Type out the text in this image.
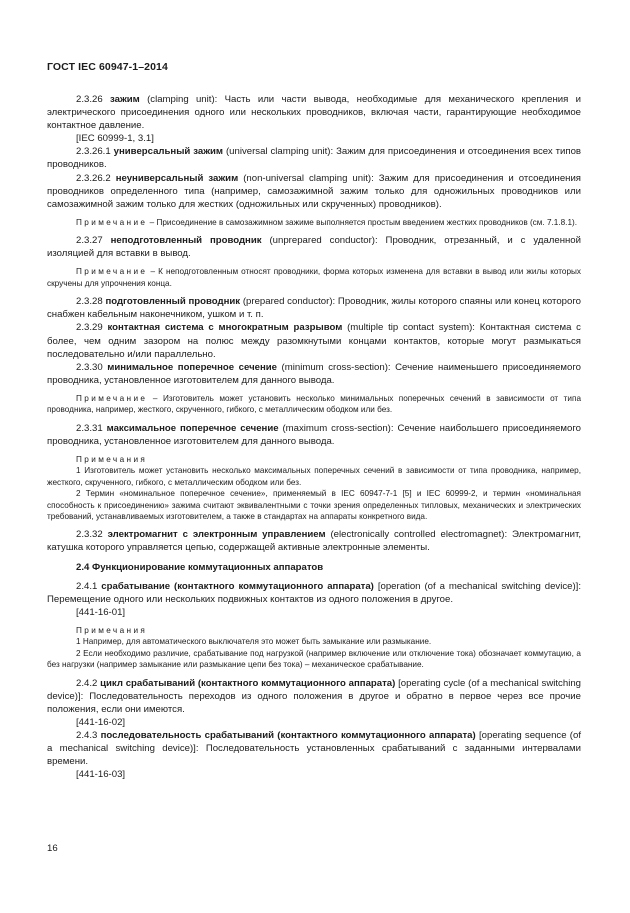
ГОСТ IEC 60947-1–2014

2.3.26 зажим (clamping unit): Часть или части вывода, необходимые для механического крепления и электрического присоединения одного или нескольких проводников, включая части, гарантирующие необходимое контактное давление.

[IEC 60999-1, 3.1]

2.3.26.1 универсальный зажим (universal clamping unit): Зажим для присоединения и отсоединения всех типов проводников.

2.3.26.2 неуниверсальный зажим (non-universal clamping unit): Зажим для присоединения и отсоединения проводников определенного типа (например, самозажимной зажим только для одножильных проводников или самозажимной зажим только для жестких (одножильных или скрученных) проводников).

Примечание – Присоединение в самозажимном зажиме выполняется простым введением жестких проводников (см. 7.1.8.1).

2.3.27 неподготовленный проводник (unprepared conductor): Проводник, отрезанный, и с удаленной изоляцией для вставки в вывод.

Примечание – К неподготовленным относят проводники, форма которых изменена для вставки в вывод или жилы которых скручены для упрочнения конца.

2.3.28 подготовленный проводник (prepared conductor): Проводник, жилы которого спаяны или конец которого снабжен кабельным наконечником, ушком и т. п.

2.3.29 контактная система с многократным разрывом (multiple tip contact system): Контактная система с более, чем одним зазором на полюс между разомкнутыми концами контактов, которые могут размыкаться последовательно и/или параллельно.

2.3.30 минимальное поперечное сечение (minimum cross-section): Сечение наименьшего присоединяемого проводника, установленное изготовителем для данного вывода.

Примечание – Изготовитель может установить несколько минимальных поперечных сечений в зависимости от типа проводника, например, жесткого, скрученного, гибкого, с металлическим ободком или без.

2.3.31 максимальное поперечное сечение (maximum cross-section): Сечение наибольшего присоединяемого проводника, установленное изготовителем для данного вывода.

Примечания

1 Изготовитель может установить несколько максимальных поперечных сечений в зависимости от типа проводника, например, жесткого, скрученного, гибкого, с металлическим ободком или без.

2 Термин «номинальное поперечное сечение», применяемый в IEC 60947-7-1 [5] и IEC 60999-2, и термин «номинальная способность к присоединению» зажима считают эквивалентными с точки зрения определенных типловых, механических и электрических требований, устанавливаемых изготовителем, а также в стандартах на аппараты конкретного вида.

2.3.32 электромагнит с электронным управлением (electronically controlled electromagnet): Электромагнит, катушка которого управляется цепью, содержащей активные электронные элементы.

2.4 Функционирование коммутационных аппаратов

2.4.1 срабатывание (контактного коммутационного аппарата) [operation (of a mechanical switching device)]: Перемещение одного или нескольких подвижных контактов из одного положения в другое.

[441-16-01]

Примечания

1 Например, для автоматического выключателя это может быть замыкание или размыкание.

2 Если необходимо различие, срабатывание под нагрузкой (например включение или отключение тока) обозначает коммутацию, а без нагрузки (например замыкание или размыкание цепи без тока) – механическое срабатывание.

2.4.2 цикл срабатываний (контактного коммутационного аппарата) [operating cycle (of a mechanical switching device)]: Последовательность переходов из одного положения в другое и обратно в первое через все прочие положения, если они имеются.

[441-16-02]

2.4.3 последовательность срабатываний (контактного коммутационного аппарата) [operating sequence (of a mechanical switching device)]: Последовательность установленных срабатываний с заданными интервалами времени.

[441-16-03]

16
